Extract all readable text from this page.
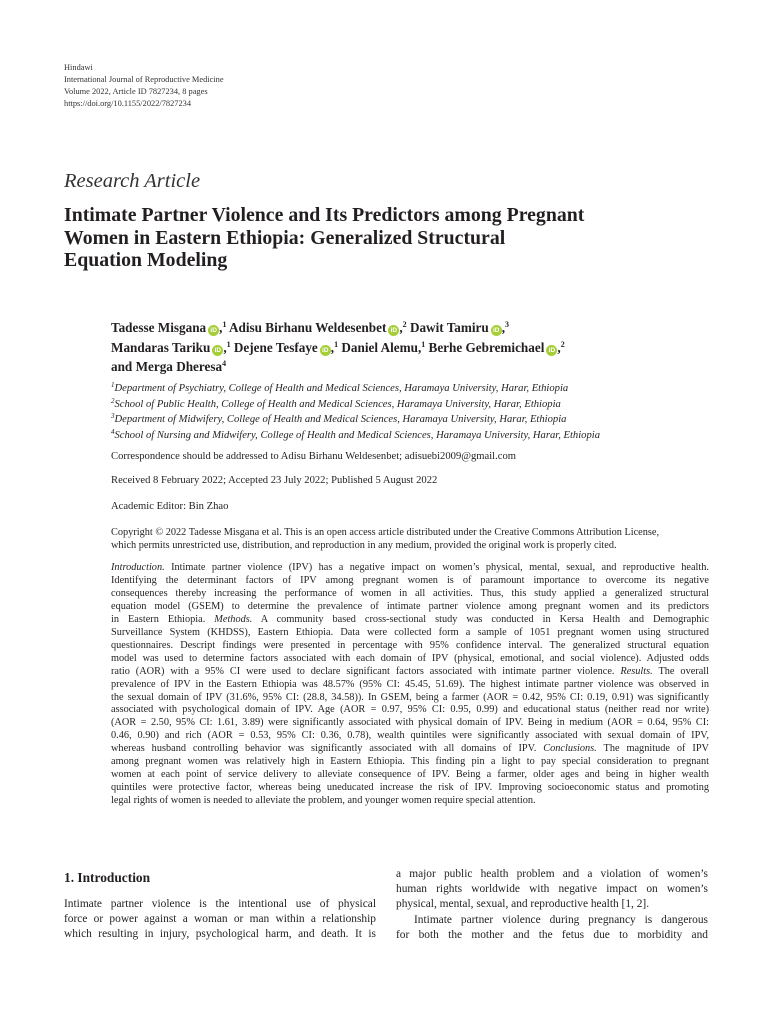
Hindawi
International Journal of Reproductive Medicine
Volume 2022, Article ID 7827234, 8 pages
https://doi.org/10.1155/2022/7827234
Research Article
Intimate Partner Violence and Its Predictors among Pregnant
Women in Eastern Ethiopia: Generalized Structural
Equation Modeling
Tadesse Misgana iD ,$^1$ Adisu Birhanu Weldesenbet iD ,$^2$ Dawit Tamiru iD ,$^3$
Mandaras Tariku iD ,$^1$ Dejene Tesfaye iD ,$^1$ Daniel Alemu,$^1$ Berhe Gebremichael iD ,$^2$
and Merga Dheresa$^4$
$^1$Department of Psychiatry, College of Health and Medical Sciences, Haramaya University, Harar, Ethiopia
$^2$School of Public Health, College of Health and Medical Sciences, Haramaya University, Harar, Ethiopia
$^3$Department of Midwifery, College of Health and Medical Sciences, Haramaya University, Harar, Ethiopia
$^4$School of Nursing and Midwifery, College of Health and Medical Sciences, Haramaya University, Harar, Ethiopia
Correspondence should be addressed to Adisu Birhanu Weldesenbet; adisuebi2009@gmail.com
Received 8 February 2022; Accepted 23 July 2022; Published 5 August 2022
Academic Editor: Bin Zhao
Copyright © 2022 Tadesse Misgana et al. This is an open access article distributed under the Creative Commons Attribution License,
which permits unrestricted use, distribution, and reproduction in any medium, provided the original work is properly cited.
Introduction. Intimate partner violence (IPV) has a negative impact on women’s physical, mental, sexual, and reproductive health.
Identifying the determinant factors of IPV among pregnant women is of paramount importance to overcome its negative
consequences thereby increasing the performance of women in all activities. Thus, this study applied a generalized structural
equation model (GSEM) to determine the prevalence of intimate partner violence among pregnant women and its predictors
in Eastern Ethiopia. Methods. A community based cross-sectional study was conducted in Kersa Health and Demographic
Surveillance System (KHDSS), Eastern Ethiopia. Data were collected form a sample of 1051 pregnant women using structured
questionnaires. Descript findings were presented in percentage with 95% confidence interval. The generalized structural equation
model was used to determine factors associated with each domain of IPV (physical, emotional, and social violence). Adjusted odds
ratio (AOR) with a 95% CI were used to declare significant factors associated with intimate partner violence. Results. The overall
prevalence of IPV in the Eastern Ethiopia was 48.57% (95% CI: 45.45, 51.69). The highest intimate partner violence was observed in
the sexual domain of IPV (31.6%, 95% CI: (28.8, 34.58)). In GSEM, being a farmer (AOR = 0.42, 95% CI: 0.19, 0.91) was significantly
associated with psychological domain of IPV. Age (AOR = 0.97, 95% CI: 0.95, 0.99) and educational status (neither read nor write)
(AOR = 2.50, 95% CI: 1.61, 3.89) were significantly associated with physical domain of IPV. Being in medium (AOR = 0.64, 95% CI:
0.46, 0.90) and rich (AOR = 0.53, 95% CI: 0.36, 0.78), wealth quintiles were significantly associated with sexual domain of IPV,
whereas husband controlling behavior was significantly associated with all domains of IPV. Conclusions. The magnitude of IPV
among pregnant women was relatively high in Eastern Ethiopia. This finding pin a light to pay special consideration to pregnant
women at each point of service delivery to alleviate consequence of IPV. Being a farmer, older ages and being in higher wealth
quintiles were protective factor, whereas being uneducated increase the risk of IPV. Improving socioeconomic status and promoting
legal rights of women is needed to alleviate the problem, and younger women require special attention.
1. Introduction
Intimate partner violence is the intentional use of physical
force or power against a woman or man within a relationship
which resulting in injury, psychological harm, and death. It is
a major public health problem and a violation of women’s
human rights worldwide with negative impact on women’s
physical, mental, sexual, and reproductive health [1, 2].
Intimate partner violence during pregnancy is dangerous
for both the mother and the fetus due to morbidity and
